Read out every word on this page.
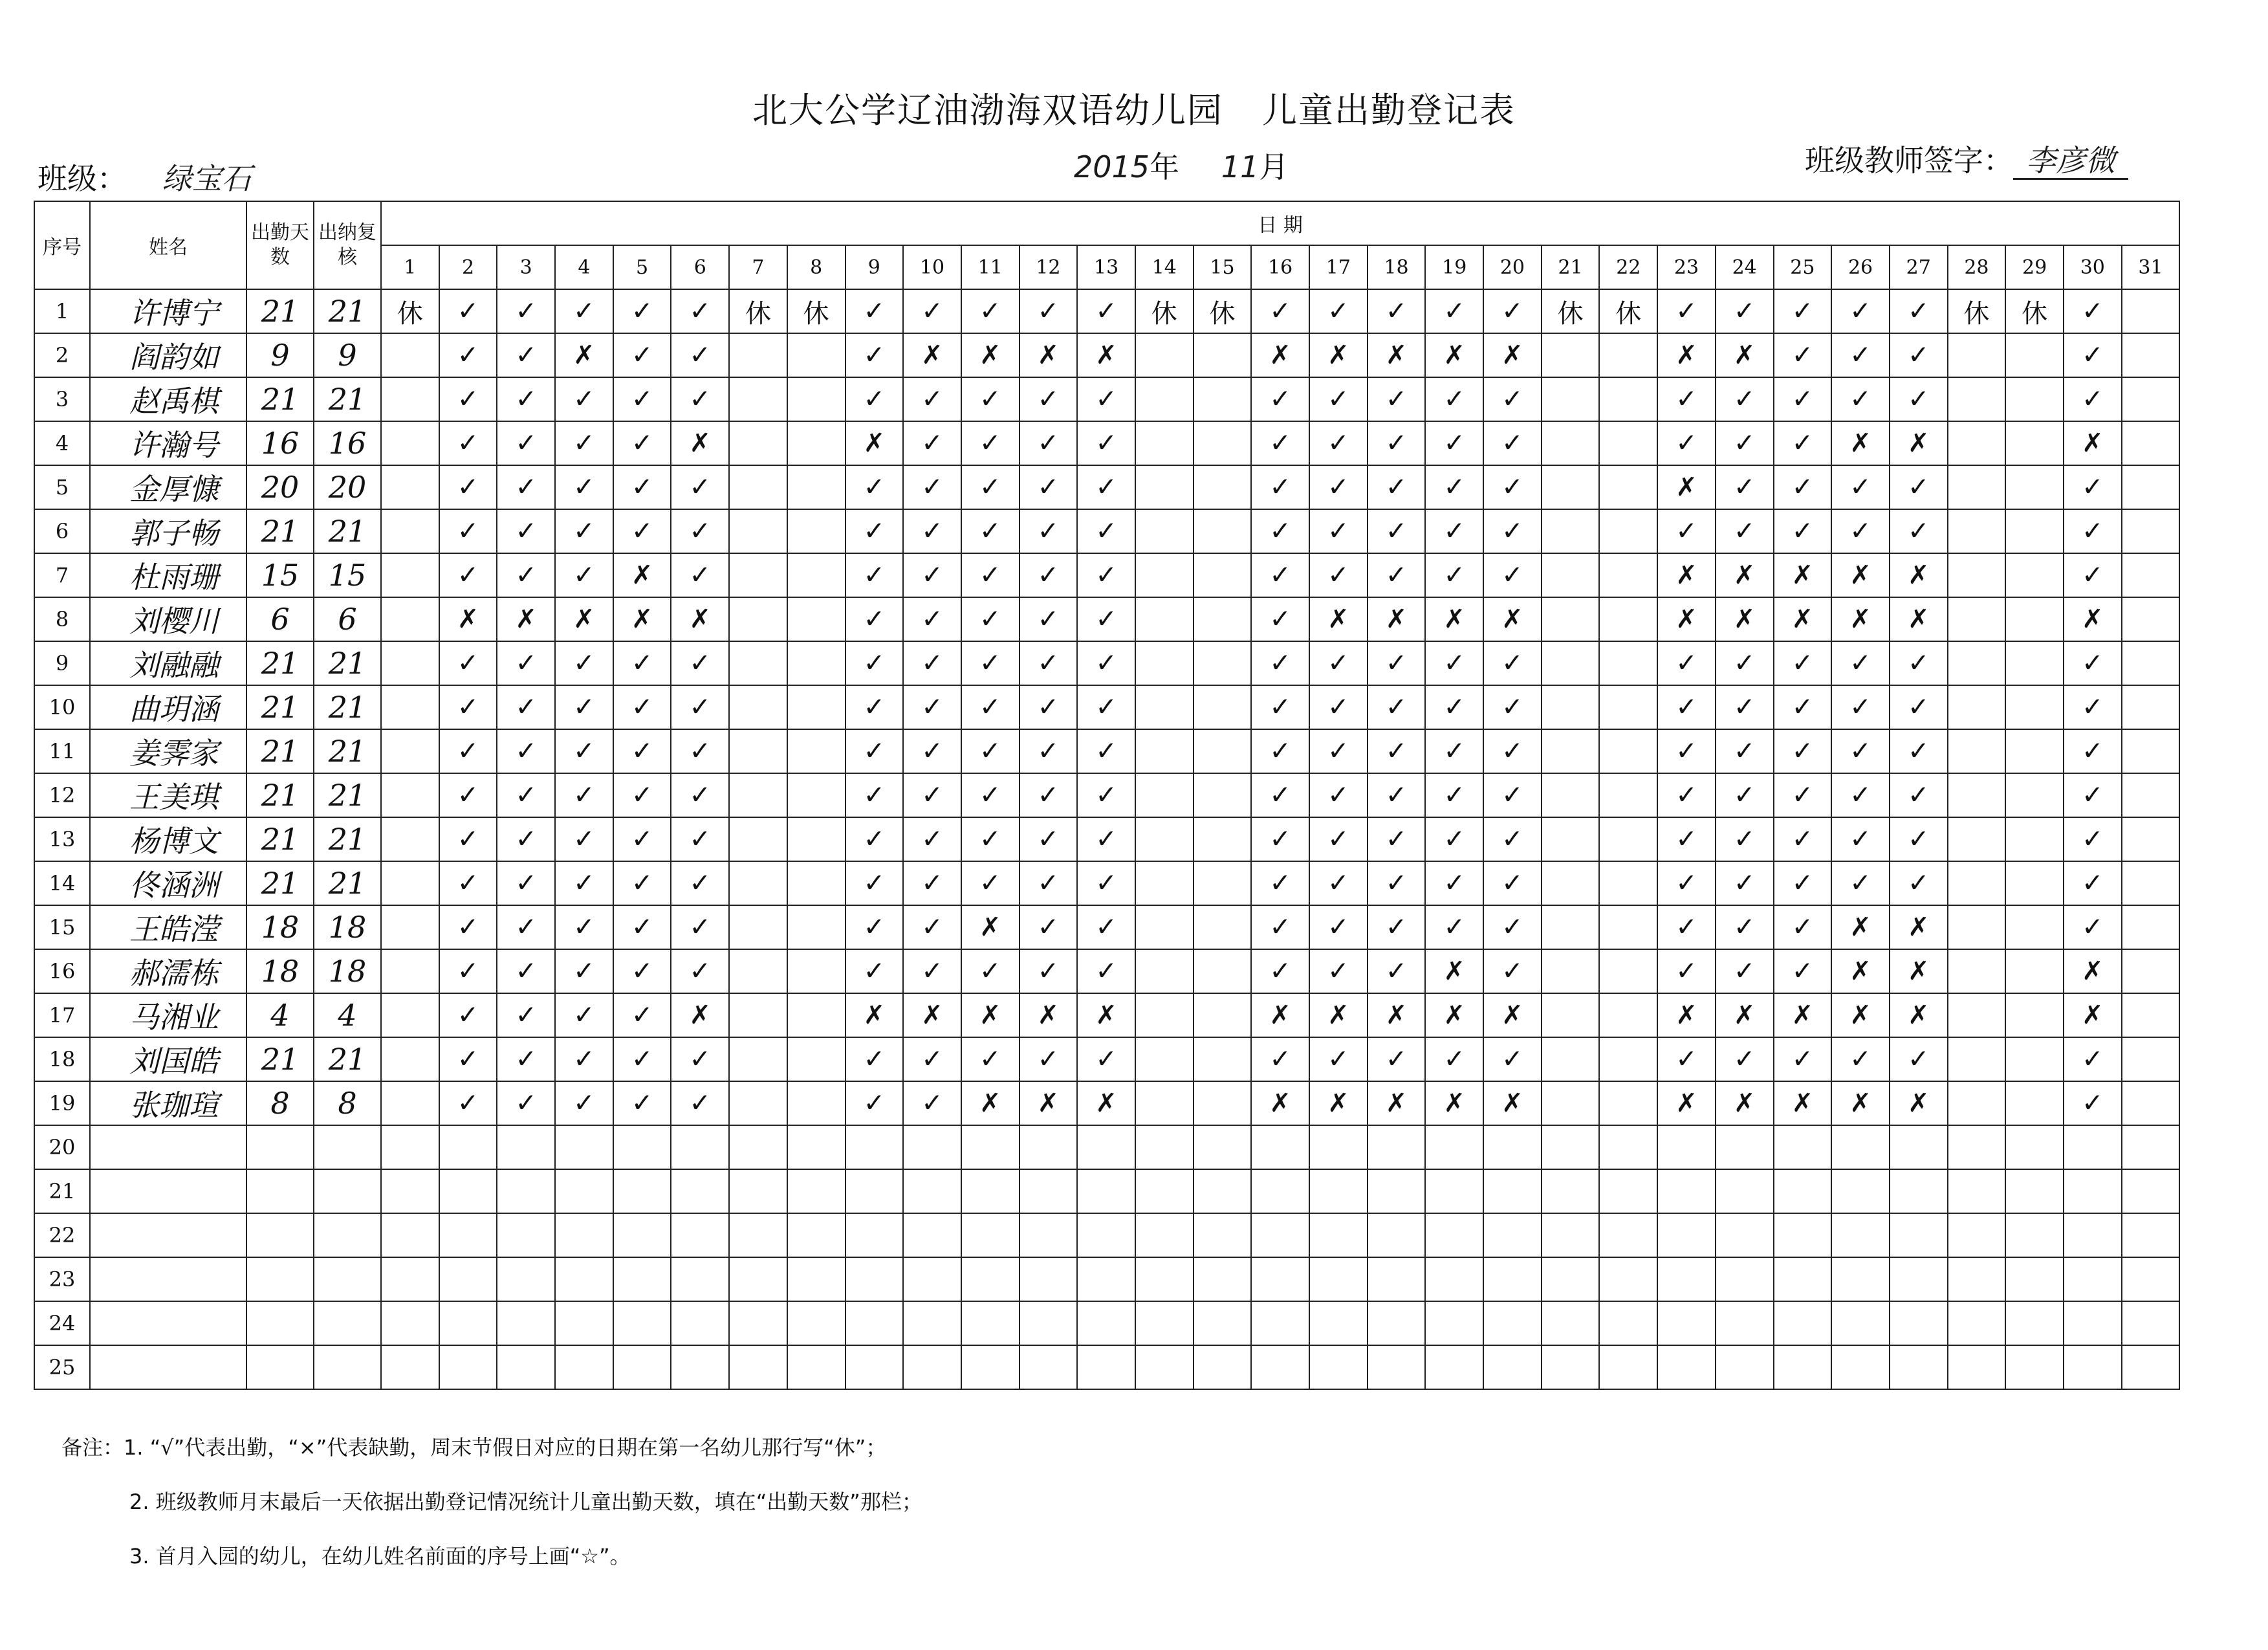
北大公学辽油渤海双语幼儿园 儿童出勤登记表
班级： 绿宝石	2015年 11月	班级教师签字： 李彦微
序号	姓名	出勤天数	出纳复核	日 期																														
				1	2	3	4	5	6	7	8	9	10	11	12	13	14	15	16	17	18	19	20	21	22	23	24	25	26	27	28	29	30	31
1	许博宁	21	21	休	✓	✓	✓	✓	✓	休	休	✓	✓	✓	✓	✓	休	休	✓	✓	✓	✓	✓	休	休	✓	✓	✓	✓	✓	休	休	✓	
2	阎韵如	9	9		✓	✓	✗	✓	✓			✓	✗	✗	✗	✗			✗	✗	✗	✗	✗			✗	✗	✓	✓	✓			✓	
3	赵禹棋	21	21		✓	✓	✓	✓	✓			✓	✓	✓	✓	✓			✓	✓	✓	✓	✓			✓	✓	✓	✓	✓			✓	
4	许瀚号	16	16		✓	✓	✓	✓	✗			✗	✓	✓	✓	✓			✓	✓	✓	✓	✓			✓	✓	✓	✗	✗			✗	
5	金厚慷	20	20		✓	✓	✓	✓	✓			✓	✓	✓	✓	✓			✓	✓	✓	✓	✓			✗	✓	✓	✓	✓			✓	
6	郭子畅	21	21		✓	✓	✓	✓	✓			✓	✓	✓	✓	✓			✓	✓	✓	✓	✓			✓	✓	✓	✓	✓			✓	
7	杜雨珊	15	15		✓	✓	✓	✗	✓			✓	✓	✓	✓	✓			✓	✓	✓	✓	✓			✗	✗	✗	✗	✗			✓	
8	刘樱川	6	6		✗	✗	✗	✗	✗			✓	✓	✓	✓	✓			✓	✗	✗	✗	✗			✗	✗	✗	✗	✗			✗	
9	刘融融	21	21		✓	✓	✓	✓	✓			✓	✓	✓	✓	✓			✓	✓	✓	✓	✓			✓	✓	✓	✓	✓			✓	
10	曲玥涵	21	21		✓	✓	✓	✓	✓			✓	✓	✓	✓	✓			✓	✓	✓	✓	✓			✓	✓	✓	✓	✓			✓	
11	姜霁家	21	21		✓	✓	✓	✓	✓			✓	✓	✓	✓	✓			✓	✓	✓	✓	✓			✓	✓	✓	✓	✓			✓	
12	王美琪	21	21		✓	✓	✓	✓	✓			✓	✓	✓	✓	✓			✓	✓	✓	✓	✓			✓	✓	✓	✓	✓			✓	
13	杨博文	21	21		✓	✓	✓	✓	✓			✓	✓	✓	✓	✓			✓	✓	✓	✓	✓			✓	✓	✓	✓	✓			✓	
14	佟涵洲	21	21		✓	✓	✓	✓	✓			✓	✓	✓	✓	✓			✓	✓	✓	✓	✓			✓	✓	✓	✓	✓			✓	
15	王皓滢	18	18		✓	✓	✓	✓	✓			✓	✓	✗	✓	✓			✓	✓	✓	✓	✓			✓	✓	✓	✗	✗			✓	
16	郝濡栋	18	18		✓	✓	✓	✓	✓			✓	✓	✓	✓	✓			✓	✓	✓	✗	✓			✓	✓	✓	✗	✗			✗	
17	马湘业	4	4		✓	✓	✓	✓	✗			✗	✗	✗	✗	✗			✗	✗	✗	✗	✗			✗	✗	✗	✗	✗			✗	
18	刘国皓	21	21		✓	✓	✓	✓	✓			✓	✓	✓	✓	✓			✓	✓	✓	✓	✓			✓	✓	✓	✓	✓			✓	
19	张珈瑄	8	8		✓	✓	✓	✓	✓			✓	✓	✗	✗	✗			✗	✗	✗	✗	✗			✗	✗	✗	✗	✗			✓	
20																																		
21																																		
22																																		
23																																		
24																																		
25																																		
备注：1. “√”代表出勤，“×”代表缺勤，周末节假日对应的日期在第一名幼儿那行写“休”；
2. 班级教师月末最后一天依据出勤登记情况统计儿童出勤天数，填在“出勤天数”那栏；
3. 首月入园的幼儿，在幼儿姓名前面的序号上画“☆”。
